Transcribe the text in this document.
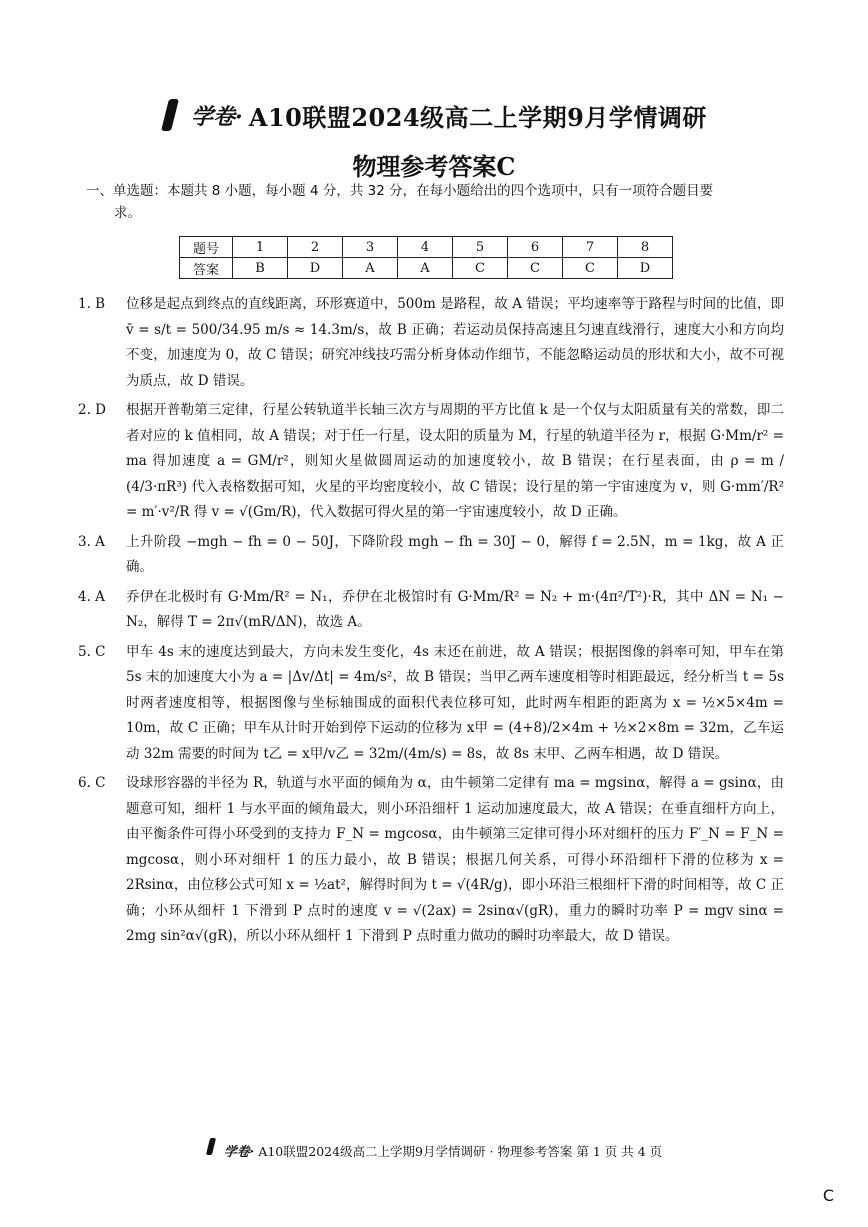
学卷· A10联盟2024级高二上学期9月学情调研
物理参考答案C
一、单选题：本题共 8 小题，每小题 4 分，共 32 分，在每小题给出的四个选项中，只有一项符合题目要
求。
题号	1	2	3	4	5	6	7	8
答案	B	D	A	A	C	C	C	D
1. B	位移是起点到终点的直线距离，环形赛道中，500m 是路程，故 A 错误；平均速率等于路程与时间的比值，即 v̄ = s/t = 500/34.95 m/s ≈ 14.3m/s，故 B 正确；若运动员保持高速且匀速直线滑行，速度大小和方向均不变，加速度为 0，故 C 错误；研究冲线技巧需分析身体动作细节，不能忽略运动员的形状和大小，故不可视为质点，故 D 错误。
2. D	根据开普勒第三定律，行星公转轨道半长轴三次方与周期的平方比值 k 是一个仅与太阳质量有关的常数，即二者对应的 k 值相同，故 A 错误；对于任一行星，设太阳的质量为 M，行星的轨道半径为 r，根据 G·Mm/r² = ma 得加速度 a = GM/r²，则知火星做圆周运动的加速度较小，故 B 错误；在行星表面，由 ρ = m / (4/3·πR³) 代入表格数据可知，火星的平均密度较小，故 C 错误；设行星的第一宇宙速度为 v，则 G·mm′/R² = m′·v²/R 得 v = √(Gm/R)，代入数据可得火星的第一宇宙速度较小，故 D 正确。
3. A	上升阶段 −mgh − fh = 0 − 50J，下降阶段 mgh − fh = 30J − 0，解得 f = 2.5N，m = 1kg，故 A 正确。
4. A	乔伊在北极时有 G·Mm/R² = N₁，乔伊在北极馆时有 G·Mm/R² = N₂ + m·(4π²/T²)·R，其中 ΔN = N₁ − N₂，解得 T = 2π√(mR/ΔN)，故选 A。
5. C	甲车 4s 末的速度达到最大，方向未发生变化，4s 末还在前进，故 A 错误；根据图像的斜率可知，甲车在第 5s 末的加速度大小为 a = |Δv/Δt| = 4m/s²，故 B 错误；当甲乙两车速度相等时相距最远，经分析当 t = 5s 时两者速度相等，根据图像与坐标轴围成的面积代表位移可知，此时两车相距的距离为 x = ½×5×4m = 10m，故 C 正确；甲车从计时开始到停下运动的位移为 x甲 = (4+8)/2×4m + ½×2×8m = 32m，乙车运动 32m 需要的时间为 t乙 = x甲/v乙 = 32m/(4m/s) = 8s，故 8s 末甲、乙两车相遇，故 D 错误。
6. C	设球形容器的半径为 R，轨道与水平面的倾角为 α，由牛顿第二定律有 ma = mgsinα，解得 a = gsinα，由题意可知，细杆 1 与水平面的倾角最大，则小环沿细杆 1 运动加速度最大，故 A 错误；在垂直细杆方向上，由平衡条件可得小环受到的支持力 F_N = mgcosα，由牛顿第三定律可得小环对细杆的压力 F′_N = F_N = mgcosα，则小环对细杆 1 的压力最小，故 B 错误；根据几何关系，可得小环沿细杆下滑的位移为 x = 2Rsinα，由位移公式可知 x = ½at²，解得时间为 t = √(4R/g)，即小环沿三根细杆下滑的时间相等，故 C 正确；小环从细杆 1 下滑到 P 点时的速度 v = √(2ax) = 2sinα√(gR)，重力的瞬时功率 P = mgv sinα = 2mg sin²α√(gR)，所以小环从细杆 1 下滑到 P 点时重力做功的瞬时功率最大，故 D 错误。
学卷· A10联盟2024级高二上学期9月学情调研 · 物理参考答案 第 1 页 共 4 页
C
